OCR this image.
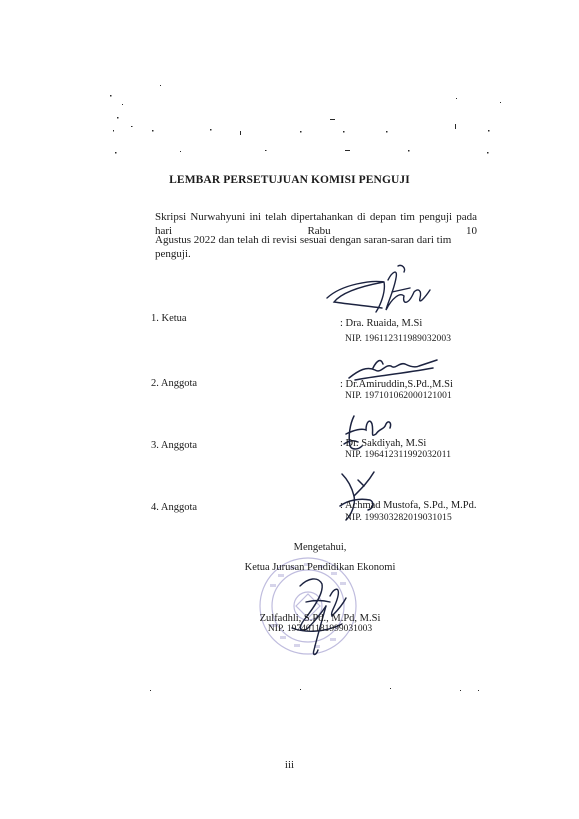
LEMBAR PERSETUJUAN KOMISI PENGUJI
Skripsi Nurwahyuni ini telah dipertahankan di depan tim penguji pada hari Rabu 10
Agustus 2022 dan telah di revisi sesuai dengan saran-saran dari tim penguji.
1. Ketua	: Dra. Ruaida, M.Si
NIP. 196112311989032003
2. Anggota	: Dr.Amiruddin,S.Pd.,M.Si
NIP. 197101062000121001
3. Anggota	: Dr. Sakdiyah, M.Si
NIP. 196412311992032011
4. Anggota	: Achmad Mustofa, S.Pd., M.Pd.
NIP. 199303282019031015
Mengetahui,
Ketua Jurusan Pendidikan Ekonomi
Zulfadhli, S.Pd., M.Pd, M.Si
NIP. 197401181999031003
iii
